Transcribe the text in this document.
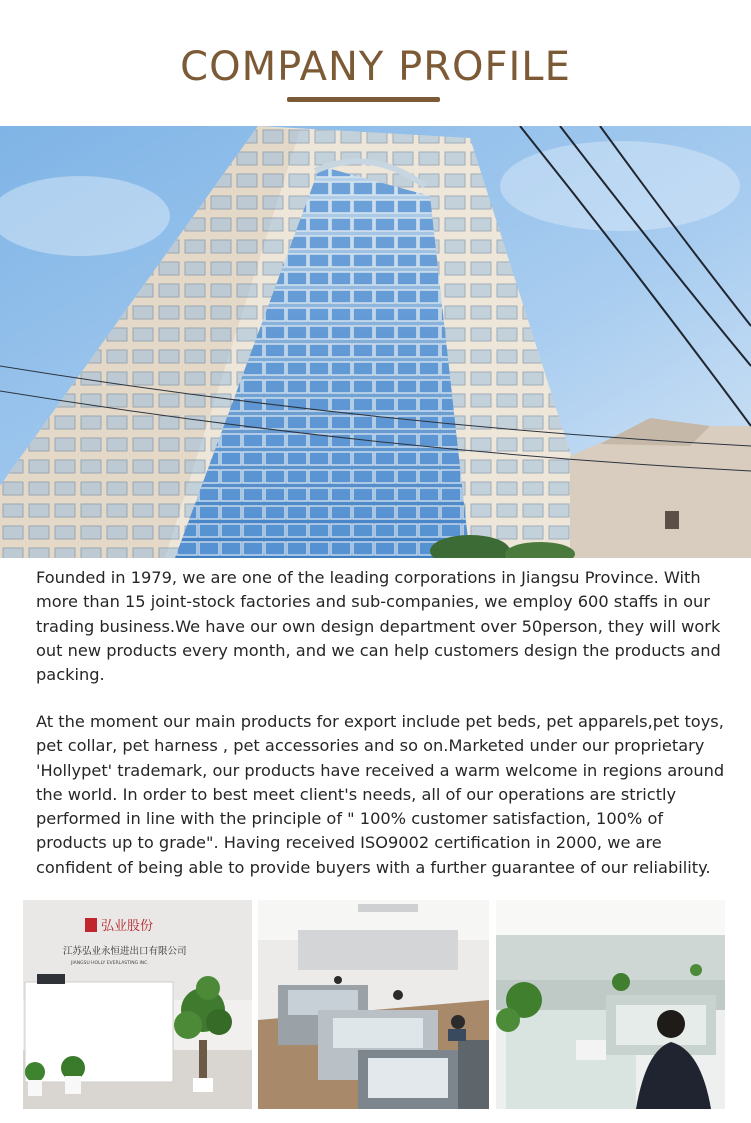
COMPANY PROFILE

Founded in 1979, we are one of the leading corporations in Jiangsu Province. With more than 15 joint-stock factories and sub-companies, we employ 600 staffs in our trading business.We have our own design department over 50person, they will work out new products every month, and we can help customers design the products and packing.

At the moment our main products for export include pet beds, pet apparels,pet toys, pet collar, pet harness , pet accessories and so on.Marketed under our proprietary 'Hollypet' trademark, our products have received a warm welcome in regions around the world. In order to best meet client's needs, all of our operations are strictly performed in line with the principle of " 100% customer satisfaction, 100% of products up to grade". Having received ISO9002 certification in 2000, we are confident of being able to provide buyers with a further guarantee of our reliability.

弘业股份
江苏弘业永恒进出口有限公司
JIANGSU HOLLY EVERLASTING INC.
